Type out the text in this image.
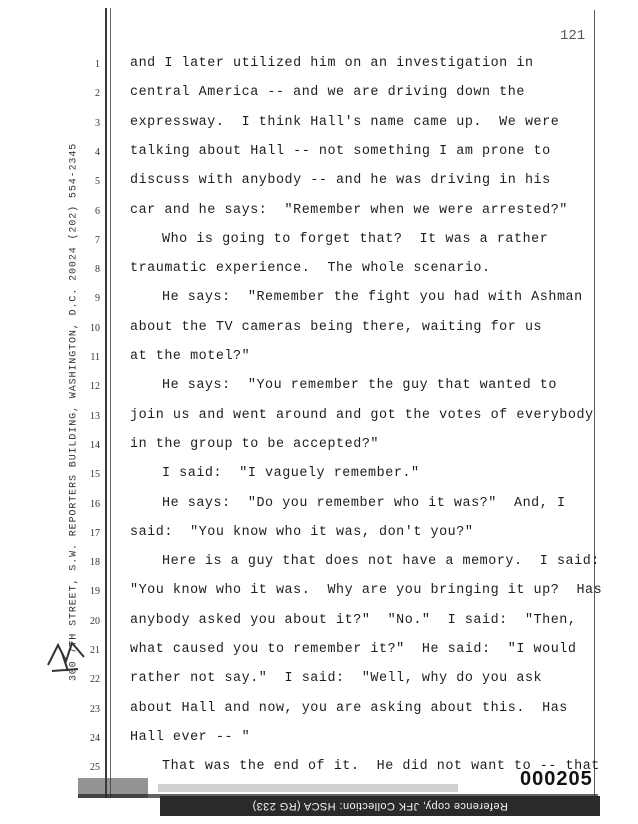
121
300 7TH STREET, S.W. REPORTERS BUILDING, WASHINGTON, D.C. 20024 (202) 554-2345
1 and I later utilized him on an investigation in
2 central America -- and we are driving down the
3 expressway.  I think Hall's name came up.  We were
4 talking about Hall -- not something I am prone to
5 discuss with anybody -- and he was driving in his
6 car and he says:  "Remember when we were arrested?"
7	Who is going to forget that?  It was a rather
8 traumatic experience.  The whole scenario.
9	He says:  "Remember the fight you had with Ashman
10 about the TV cameras being there, waiting for us
11 at the motel?"
12	He says:  "You remember the guy that wanted to
13 join us and went around and got the votes of everybody
14 in the group to be accepted?"
15	I said:  "I vaguely remember."
16	He says:  "Do you remember who it was?"  And, I
17 said:  "You know who it was, don't you?"
18	Here is a guy that does not have a memory.  I said:
19 "You know who it was.  Why are you bringing it up?  Has
20 anybody asked you about it?"  "No."  I said:  "Then,
21 what caused you to remember it?"  He said:  "I would
22 rather not say."  I said:  "Well, why do you ask
23 about Hall and now, you are asking about this.  Has
24 Hall ever -- "
25	That was the end of it.  He did not want to -- that
000205
Reference copy, JFK Collection: HSCA (RG 233)
